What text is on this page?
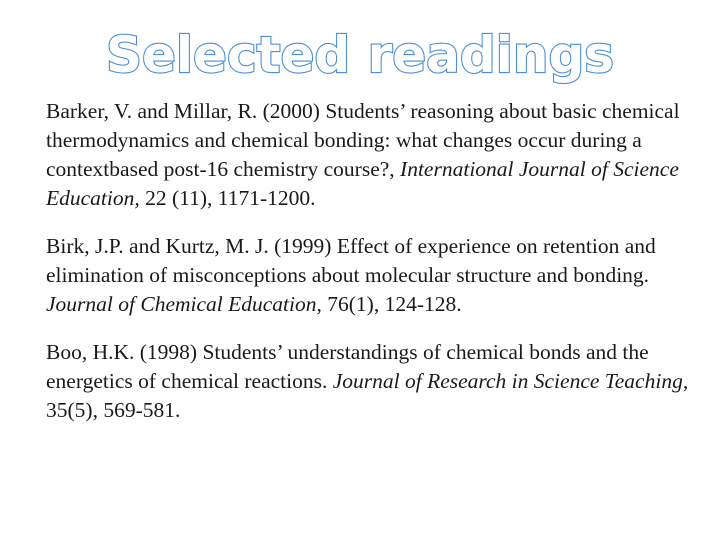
Selected readings

Barker, V. and Millar, R. (2000) Students’ reasoning about basic chemical thermodynamics and chemical bonding: what changes occur during a contextbased post-16 chemistry course?, International Journal of Science Education, 22 (11), 1171-1200.

Birk, J.P. and Kurtz, M. J. (1999) Effect of experience on retention and elimination of misconceptions about molecular structure and bonding.
Journal of Chemical Education, 76(1), 124-128.

Boo, H.K. (1998) Students’ understandings of chemical bonds and the energetics of chemical reactions. Journal of Research in Science Teaching, 35(5), 569-581.
